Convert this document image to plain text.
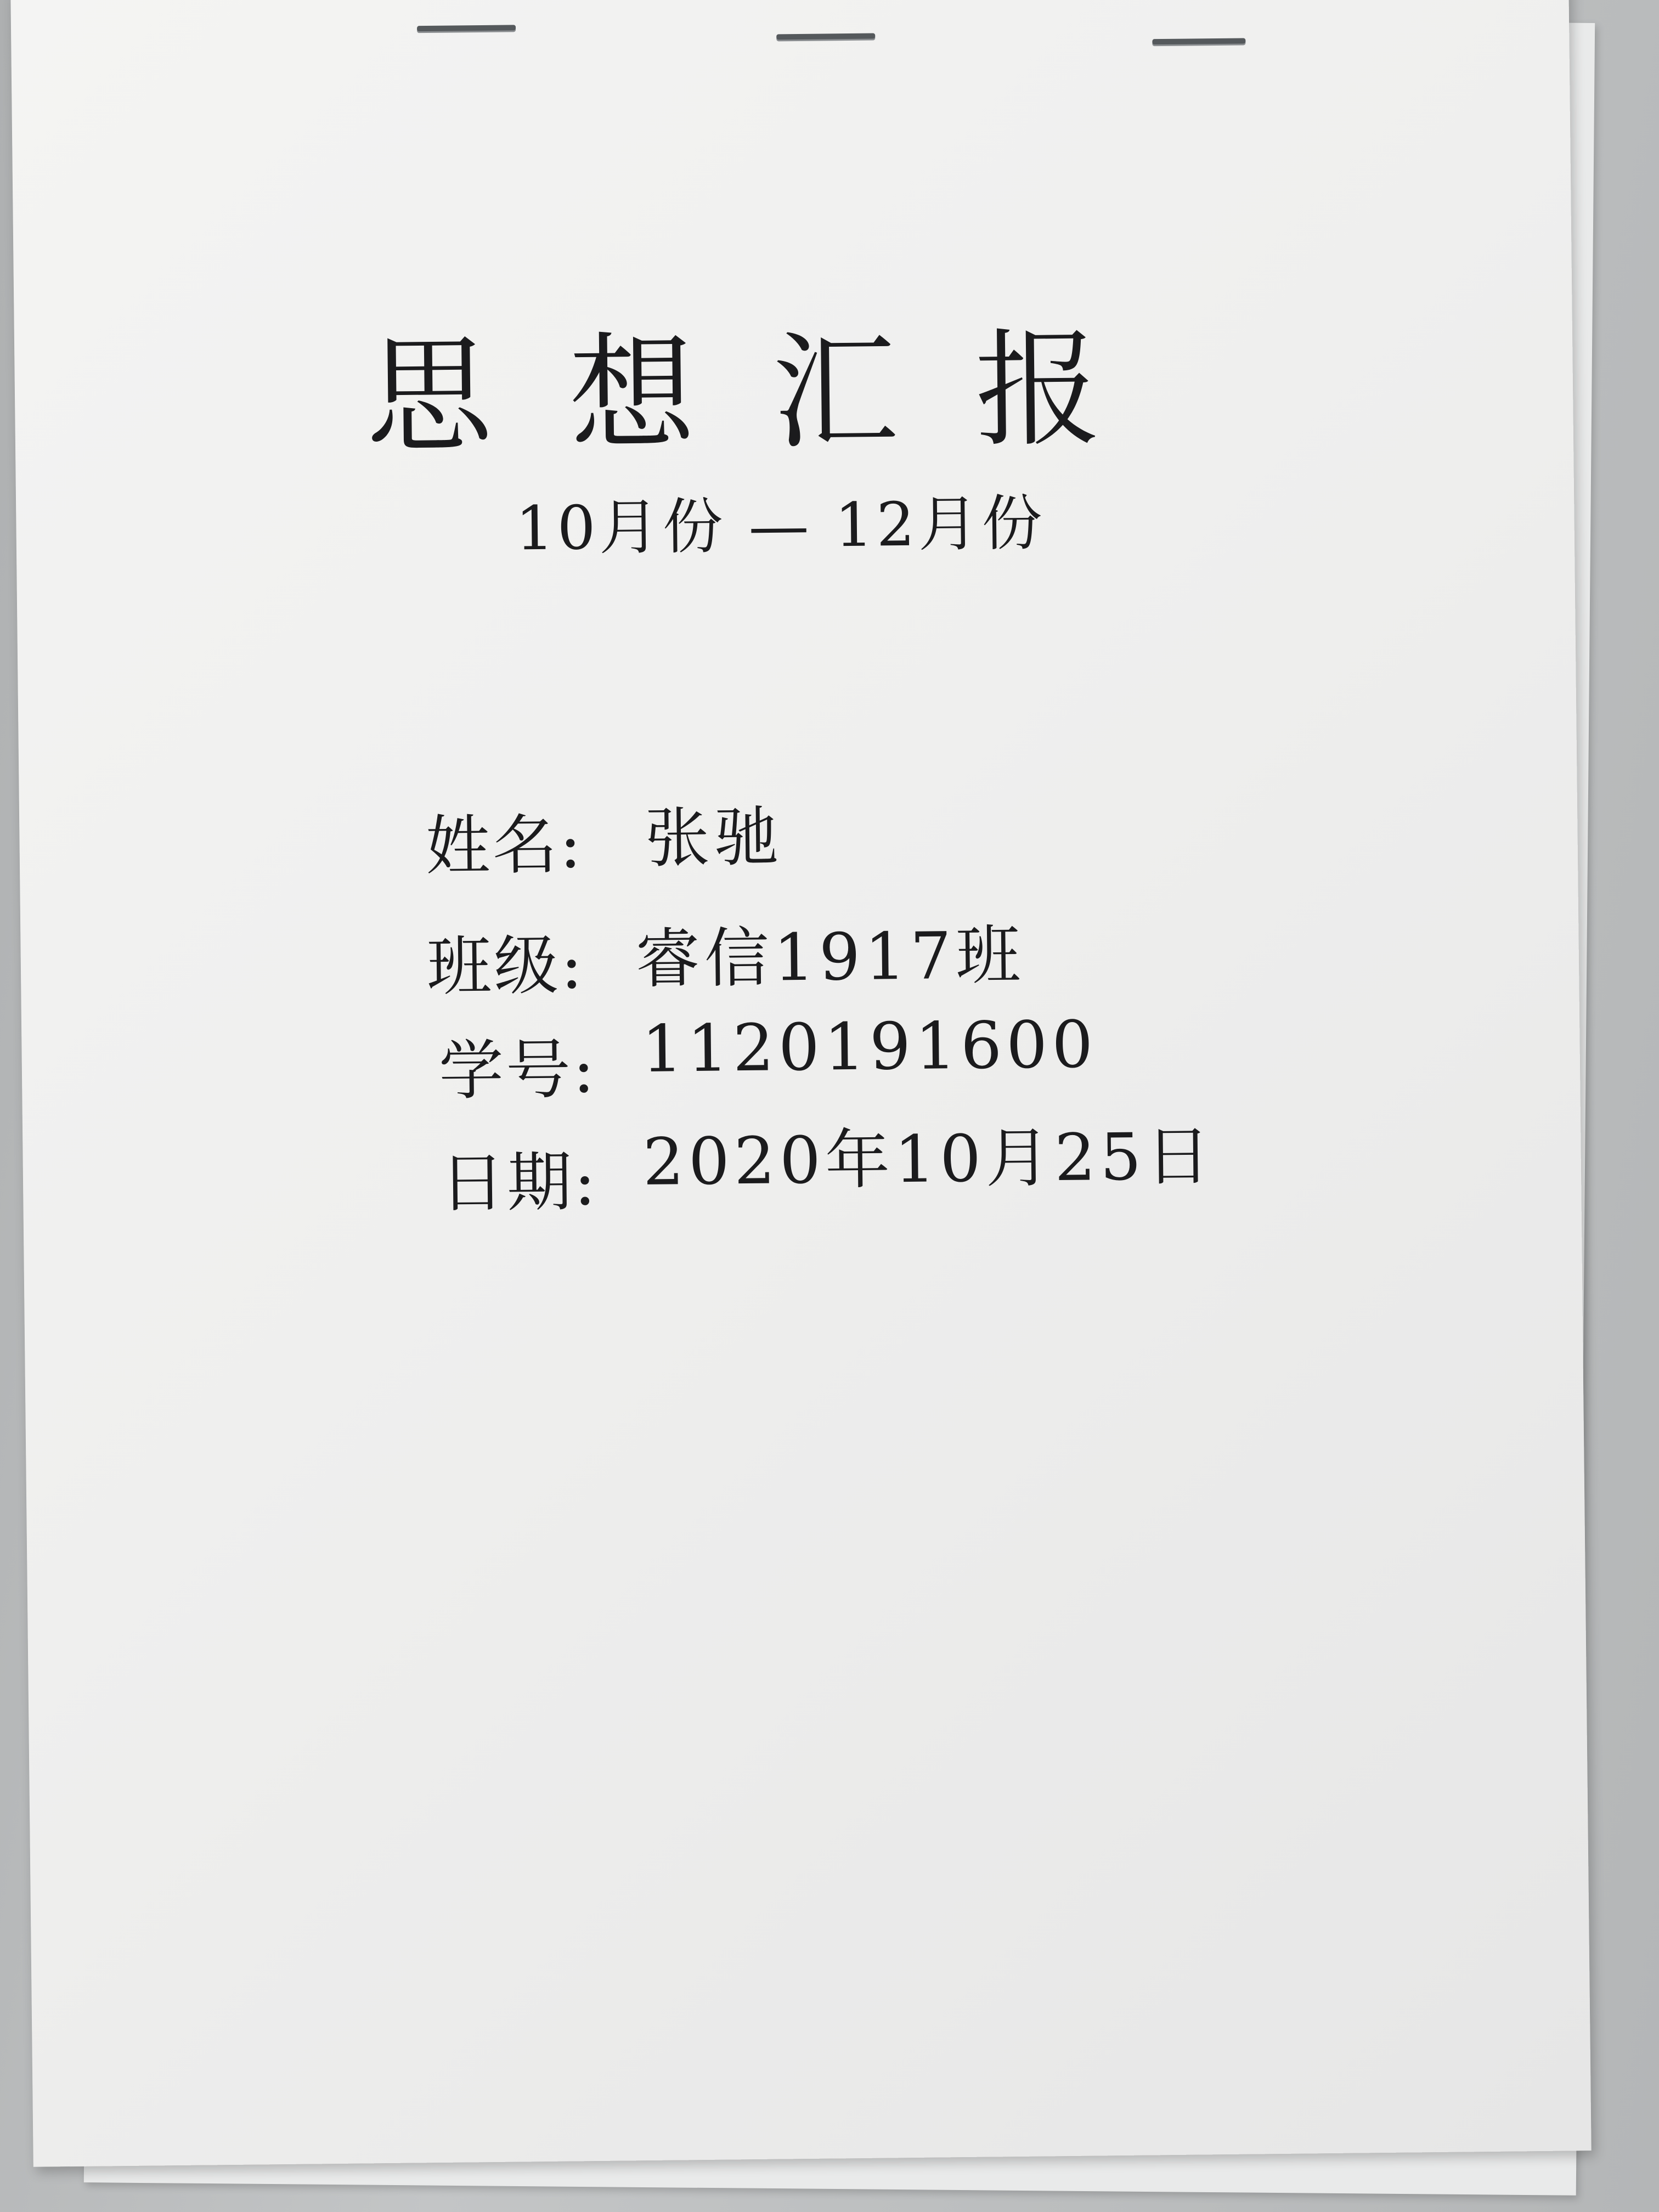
思想汇报
10月份 — 12月份
姓名: 张驰
班级: 睿信1917班
学号: 1120191600
日期: 2020年10月25日
